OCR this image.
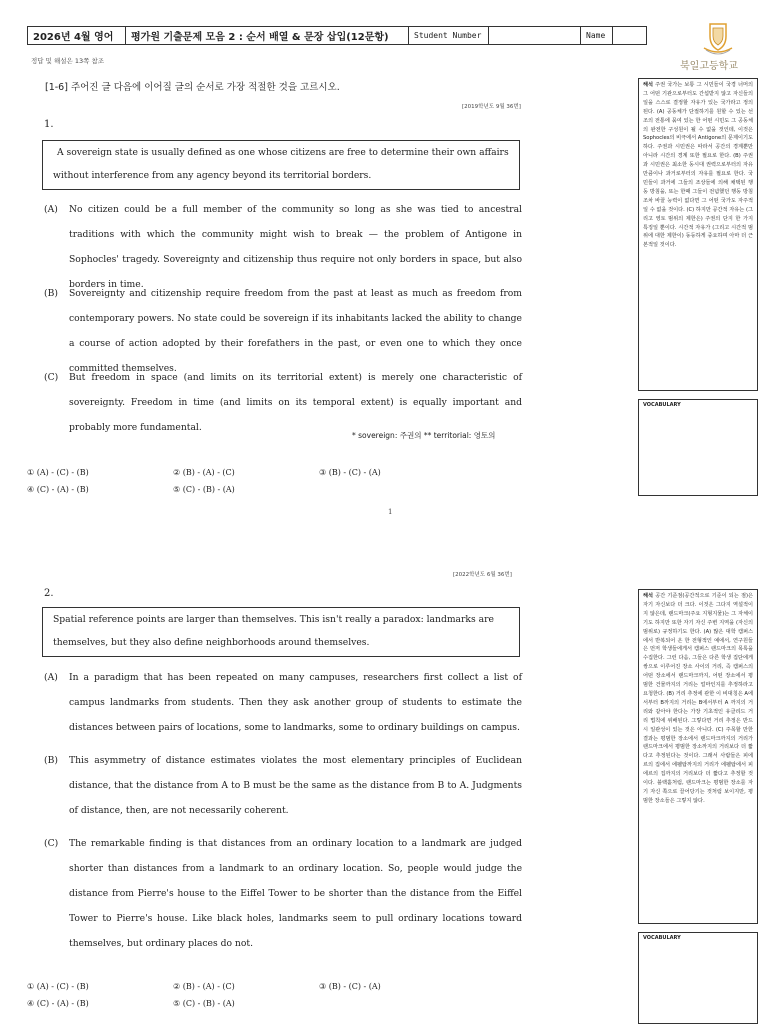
2026년 4월 영어	평가원 기출문제 모음 2 : 순서 배열 & 문장 삽입(12문항)	Student Number	Name
북일고등학교
정답 및 해설은 13쪽 참조
[1-6] 주어진 글 다음에 이어질 글의 순서로 가장 적절한 것을 고르시오.
[2019학년도 9월 36번]
1.
A sovereign state is usually defined as one whose citizens are free to determine their own affairs without interference from any agency beyond its territorial borders.
(A)	No citizen could be a full member of the community so long as she was tied to ancestral traditions with which the community might wish to break — the problem of Antigone in Sophocles' tragedy. Sovereignty and citizenship thus require not only borders in space, but also borders in time.
(B)	Sovereignty and citizenship require freedom from the past at least as much as freedom from contemporary powers. No state could be sovereign if its inhabitants lacked the ability to change a course of action adopted by their forefathers in the past, or even one to which they once committed themselves.
(C)	But freedom in space (and limits on its territorial extent) is merely one characteristic of sovereignty. Freedom in time (and limits on its temporal extent) is equally important and probably more fundamental.
* sovereign: 주권의 ** territorial: 영토의
① (A) - (C) - (B)	② (B) - (A) - (C)	③ (B) - (C) - (A)
④ (C) - (A) - (B)	⑤ (C) - (B) - (A)
1
해석 주권 국가는 보통 그 시민들이 국경 너머의 그 어떤 기관으로부터도 간섭받지 않고 자신들의 일을 스스로 결정할 자유가 있는 국가라고 정의된다. (A) 공동체가 단절하기를 원할 수 있는 선조의 전통에 묶여 있는 한 어떤 시민도 그 공동체의 완전한 구성원이 될 수 없을 것인데, 이것은 Sophocles의 비극에서 Antigone의 문제이기도 하다. 주권과 시민권은 따라서 공간의 경계뿐만 아니라 시간의 경계 또한 필요로 한다. (B) 주권과 시민권은 최소한 동시대 권력으로부터의 자유만큼이나 과거로부터의 자유를 필요로 한다. 국민들이 과거에 그들의 조상들에 의해 채택된 행동 방침을, 또는 한때 그들이 전념했던 행동 방침조차 바꿀 능력이 없다면 그 어떤 국가도 자주적일 수 없을 것이다. (C) 하지만 공간적 자유는 (그리고 영토 범위의 제한은) 주권의 단지 한 가지 특징일 뿐이다. 시간적 자유가 (그리고 시간적 범위에 대한 제한이) 동등하게 중요하며 아마 더 근본적일 것이다.
VOCABULARY
[2022학년도 6월 36번]
2.
Spatial reference points are larger than themselves. This isn't really a paradox: landmarks are themselves, but they also define neighborhoods around themselves.
(A)	In a paradigm that has been repeated on many campuses, researchers first collect a list of campus landmarks from students. Then they ask another group of students to estimate the distances between pairs of locations, some to landmarks, some to ordinary buildings on campus.
(B)	This asymmetry of distance estimates violates the most elementary principles of Euclidean distance, that the distance from A to B must be the same as the distance from B to A. Judgments of distance, then, are not necessarily coherent.
(C)	The remarkable finding is that distances from an ordinary location to a landmark are judged shorter than distances from a landmark to an ordinary location. So, people would judge the distance from Pierre's house to the Eiffel Tower to be shorter than the distance from the Eiffel Tower to Pierre's house. Like black holes, landmarks seem to pull ordinary locations toward themselves, but ordinary places do not.
① (A) - (C) - (B)	② (B) - (A) - (C)	③ (B) - (C) - (A)
④ (C) - (A) - (B)	⑤ (C) - (B) - (A)
해석 공간 기준점(공간적으로 기준이 되는 점)은 자기 자신보다 더 크다. 이것은 그다지 역설적이지 않은데, 랜드마크(주요 지형지물)는 그 자체이기도 하지만 또한 자기 자신 주변 지역을 (자신의 범위로) 규정하기도 한다. (A) 많은 대학 캠퍼스에서 반복되어 온 한 전형적인 예에서, 연구원들은 먼저 학생들에게서 캠퍼스 랜드마크의 목록을 수집한다. 그런 다음, 그들은 다른 학생 집단에게 쌍으로 이루어진 장소 사이의 거리, 즉 캠퍼스의 어떤 장소에서 랜드마크까지, 어떤 장소에서 평범한 건물까지의 거리는 얼마인지를 추정하라고 요청한다. (B) 거리 추정에 관한 이 비대칭은 A에서부터 B까지의 거리는 B에서부터 A 까지의 거리와 같아야 한다는 가장 기초적인 유클리드 거리 법칙에 위배된다. 그렇다면 거리 추정은 반드시 일관성이 있는 것은 아니다. (C) 주목할 만한 결과는 평범한 장소에서 랜드마크까지의 거리가 랜드마크에서 평범한 장소까지의 거리보다 더 짧다고 추정된다는 것이다. 그래서 사람들은 피에르의 집에서 에펠탑까지의 거리가 에펠탑에서 피에르의 집까지의 거리보다 더 짧다고 추정할 것이다. 블랙홀처럼, 랜드마크는 평범한 장소를 자기 자신 쪽으로 끌어당기는 것처럼 보이지만, 평범한 장소들은 그렇지 않다.
VOCABULARY
